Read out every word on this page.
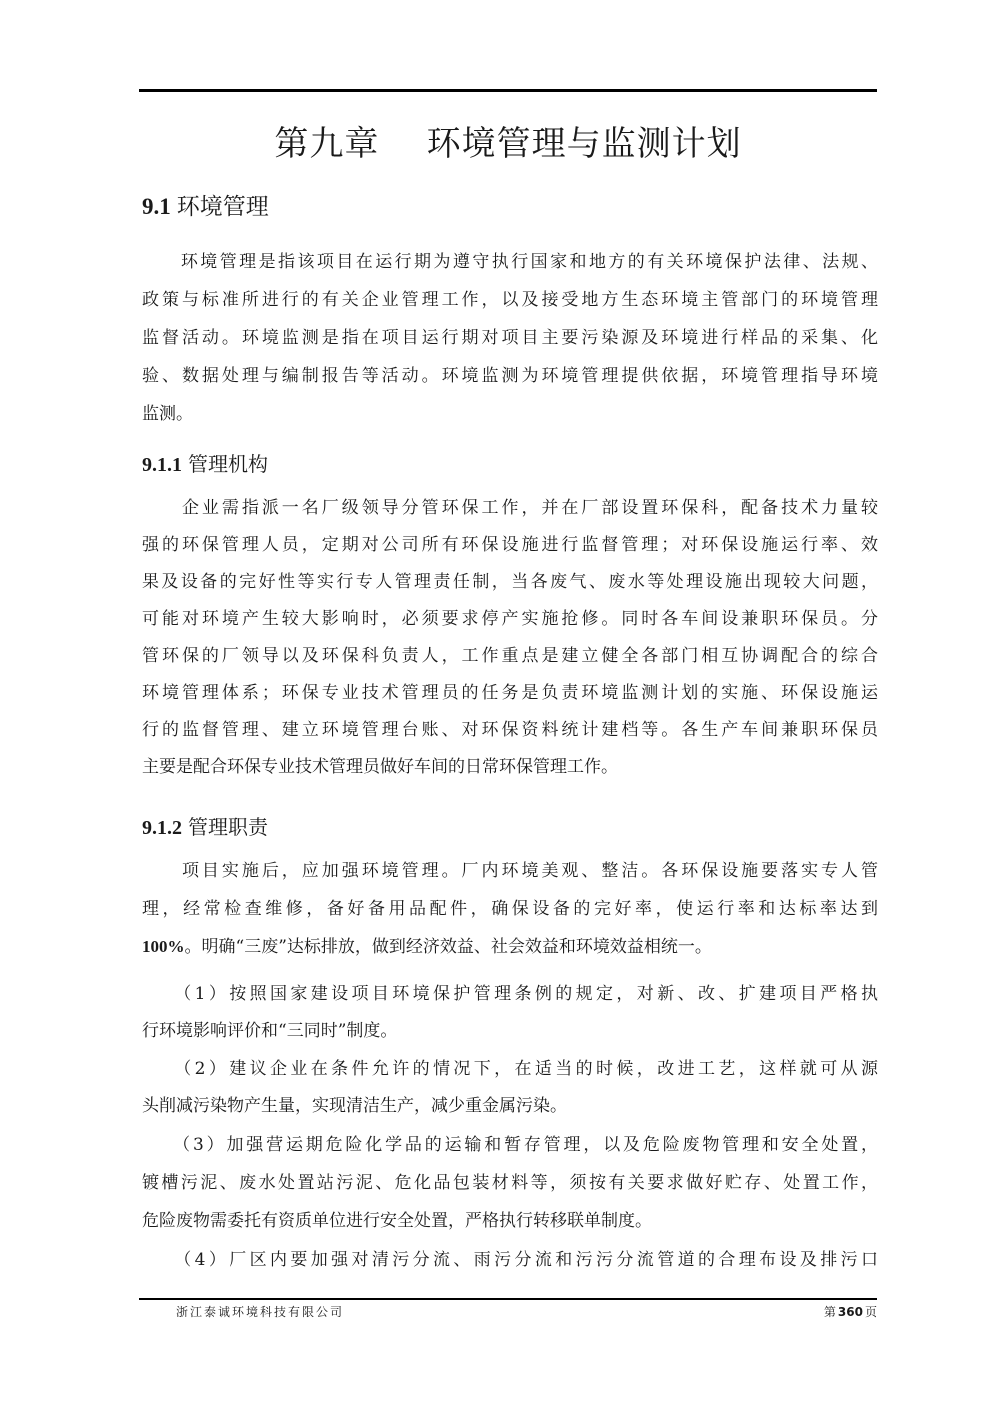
第九章    环境管理与监测计划
9.1 环境管理
　　环境管理是指该项目在运行期为遵守执行国家和地方的有关环境保护法律、法规、
政策与标准所进行的有关企业管理工作，以及接受地方生态环境主管部门的环境管理
监督活动。环境监测是指在项目运行期对项目主要污染源及环境进行样品的采集、化
验、数据处理与编制报告等活动。环境监测为环境管理提供依据，环境管理指导环境
监测。
9.1.1 管理机构
　　企业需指派一名厂级领导分管环保工作，并在厂部设置环保科，配备技术力量较
强的环保管理人员，定期对公司所有环保设施进行监督管理；对环保设施运行率、效
果及设备的完好性等实行专人管理责任制，当各废气、废水等处理设施出现较大问题，
可能对环境产生较大影响时，必须要求停产实施抢修。同时各车间设兼职环保员。分
管环保的厂领导以及环保科负责人，工作重点是建立健全各部门相互协调配合的综合
环境管理体系；环保专业技术管理员的任务是负责环境监测计划的实施、环保设施运
行的监督管理、建立环境管理台账、对环保资料统计建档等。各生产车间兼职环保员
主要是配合环保专业技术管理员做好车间的日常环保管理工作。
9.1.2 管理职责
　　项目实施后，应加强环境管理。厂内环境美观、整洁。各环保设施要落实专人管
理，经常检查维修，备好备用品配件，确保设备的完好率，使运行率和达标率达到
100%。明确“三废”达标排放，做到经济效益、社会效益和环境效益相统一。
　　（1）按照国家建设项目环境保护管理条例的规定，对新、改、扩建项目严格执
行环境影响评价和“三同时”制度。
　　（2）建议企业在条件允许的情况下，在适当的时候，改进工艺，这样就可从源
头削减污染物产生量，实现清洁生产，减少重金属污染。
　　（3）加强营运期危险化学品的运输和暂存管理，以及危险废物管理和安全处置，
镀槽污泥、废水处置站污泥、危化品包装材料等，须按有关要求做好贮存、处置工作，
危险废物需委托有资质单位进行安全处置，严格执行转移联单制度。
　　（4）厂区内要加强对清污分流、雨污分流和污污分流管道的合理布设及排污口
浙江泰诚环境科技有限公司	第 360 页
